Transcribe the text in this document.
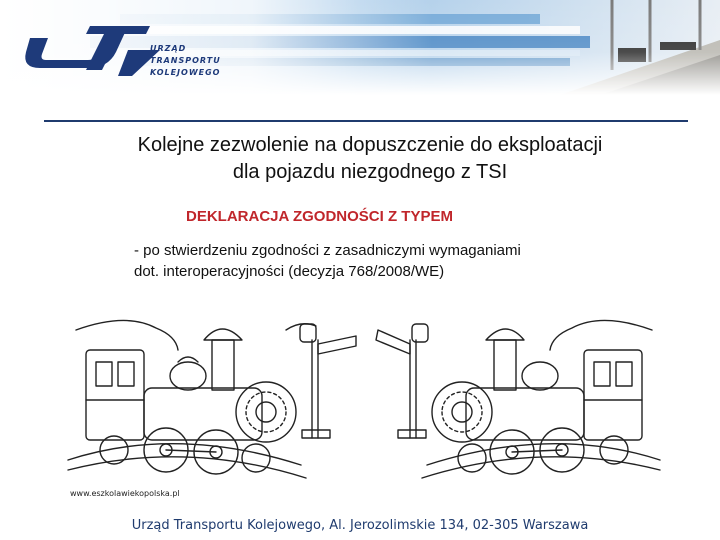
URZĄD
TRANSPORTU
KOLEJOWEGO
Kolejne zezwolenie na dopuszczenie do eksploatacji
dla pojazdu niezgodnego z TSI
DEKLARACJA ZGODNOŚCI Z TYPEM
- po stwierdzeniu zgodności z zasadniczymi wymaganiami
dot. interoperacyjności (decyzja 768/2008/WE)
www.eszkolawiekopolska.pl
Urząd Transportu Kolejowego, Al. Jerozolimskie 134, 02-305 Warszawa
